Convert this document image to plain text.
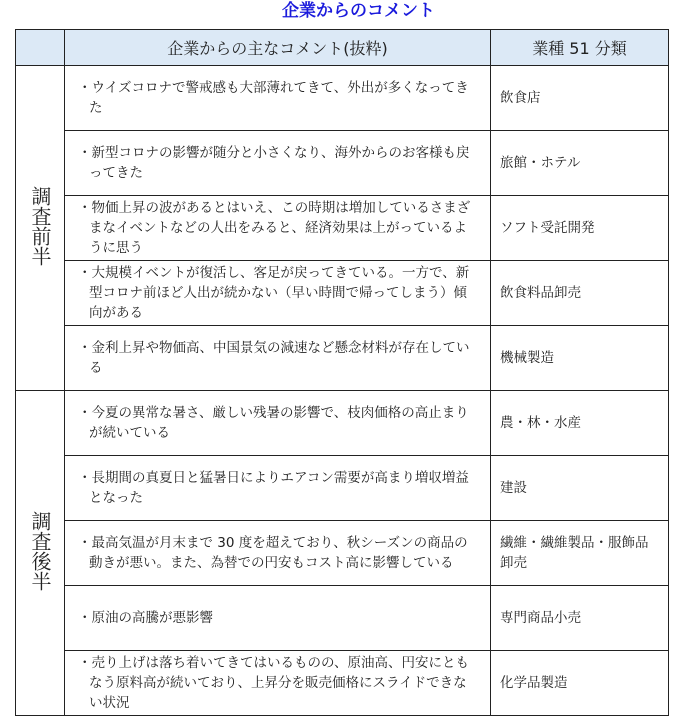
企業からのコメント
	企業からの主なコメント(抜粋)	業種 51 分類
調査前半	・ウイズコロナで警戒感も大部薄れてきて、外出が多くなってき
た	飲食店

	・新型コロナの影響が随分と小さくなり、海外からのお客様も戻
ってきた	旅館・ホテル

	・物価上昇の波があるとはいえ、この時期は増加しているさまざ
まなイベントなどの人出をみると、経済効果は上がっているよ
うに思う	ソフト受託開発

	・大規模イベントが復活し、客足が戻ってきている。一方で、新
型コロナ前ほど人出が続かない（早い時間で帰ってしまう）傾
向がある	飲食料品卸売

	・金利上昇や物価高、中国景気の減速など懸念材料が存在してい
る	機械製造

調査後半	・今夏の異常な暑さ、厳しい残暑の影響で、枝肉価格の高止まり
が続いている	農・林・水産

	・長期間の真夏日と猛暑日によりエアコン需要が高まり増収増益
となった	建設

	・最高気温が月末まで 30 度を超えており、秋シーズンの商品の
動きが悪い。また、為替での円安もコスト高に影響している	繊維・繊維製品・服飾品
卸売

	・原油の高騰が悪影響	専門商品小売

	・売り上げは落ち着いてきてはいるものの、原油高、円安にとも
なう原料高が続いており、上昇分を販売価格にスライドできな
い状況	化学品製造
